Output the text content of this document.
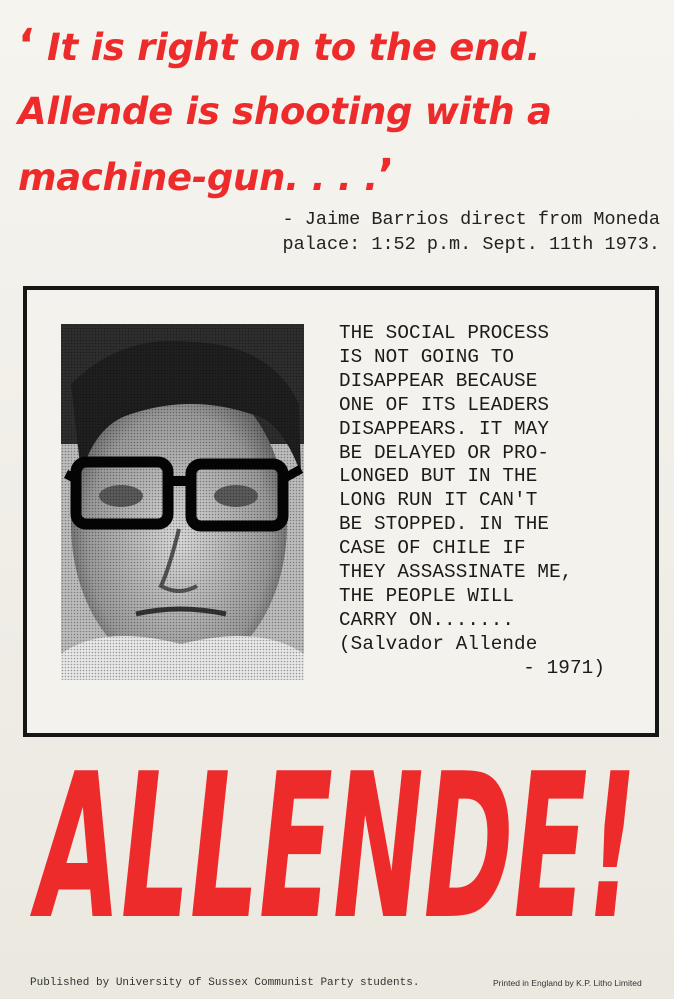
‘ It is right on to the end.
Allende is shooting with a
machine-gun. . . .’
- Jaime Barrios direct from Moneda
palace: 1:52 p.m. Sept. 11th 1973.
THE SOCIAL PROCESS
IS NOT GOING TO
DISAPPEAR BECAUSE
ONE OF ITS LEADERS
DISAPPEARS. IT MAY
BE DELAYED OR PRO-
LONGED BUT IN THE
LONG RUN IT CAN'T
BE STOPPED. IN THE
CASE OF CHILE IF
THEY ASSASSINATE ME,
THE PEOPLE WILL
CARRY ON.......
(Salvador Allende
- 1971)
ALLENDE!
Published by University of Sussex Communist Party students.	Printed in England by K.P. Litho Limited
